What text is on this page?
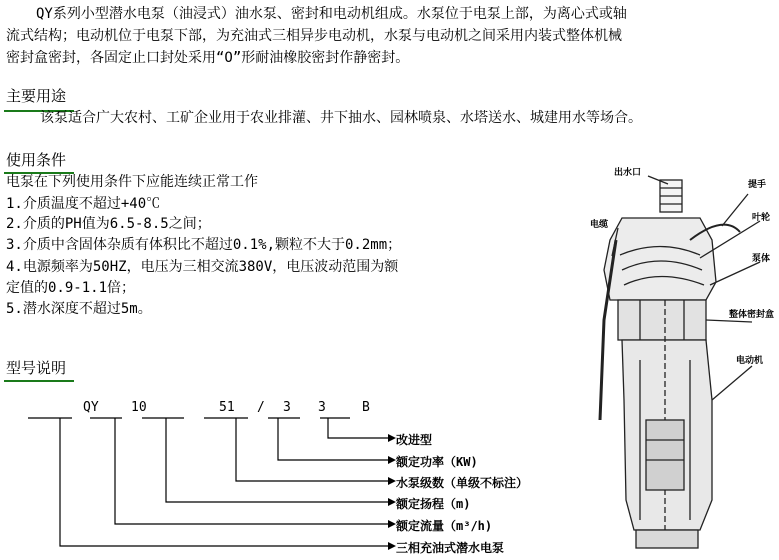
QY系列小型潜水电泵（油浸式）油水泵、密封和电动机组成。水泵位于电泵上部，为离心式或轴
流式结构；电动机位于电泵下部，为充油式三相异步电动机，水泵与电动机之间采用内装式整体机械
密封盒密封，各固定止口封处采用“O”形耐油橡胶密封作静密封。
主要用途
该泵适合广大农村、工矿企业用于农业排灌、井下抽水、园林喷泉、水塔送水、城建用水等场合。
使用条件
电泵在下列使用条件下应能连续正常工作
1.介质温度不超过+40℃
2.介质的PH值为6.5-8.5之间；
3.介质中含固体杂质有体积比不超过0.1%,颗粒不大于0.2mm；
4.电源频率为50HZ，电压为三相交流380V，电压波动范围为额
定值的0.9-1.1倍；
5.潜水深度不超过5m。
型号说明
QY 10	51 / 3 3	B
改进型
额定功率（KW)
水泵级数（单级不标注）
额定扬程（m)
额定流量（m³/h)
三相充油式潜水电泵
出水口
提手
电缆
叶轮
泵体
整体密封盒
电动机
